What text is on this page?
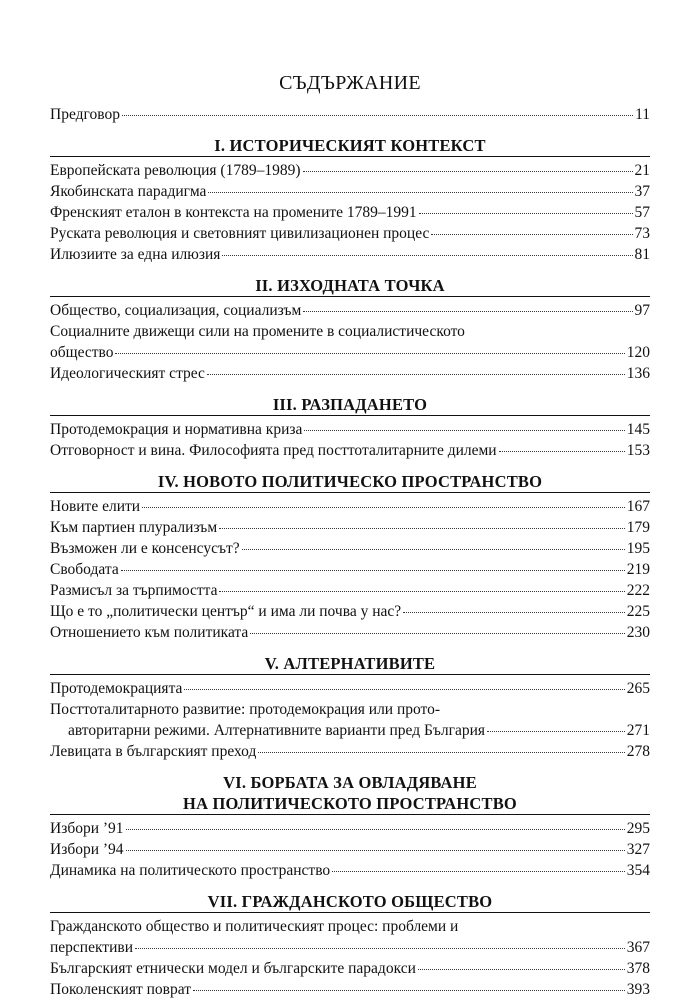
СЪДЪРЖАНИЕ
Предговор	11
I. ИСТОРИЧЕСКИЯТ КОНТЕКСТ
Европейската революция (1789–1989)	21
Якобинската парадигма	37
Френският еталон в контекста на промените 1789–1991	57
Руската революция и световният цивилизационен процес	73
Илюзиите за една илюзия	81
II. ИЗХОДНАТА ТОЧКА
Общество, социализация, социализъм	97
Социалните движещи сили на промените в социалистическото
общество	120
Идеологическият стрес	136
III. РАЗПАДАНЕТО
Протодемокрация и нормативна криза	145
Отговорност и вина. Философията пред посттоталитарните дилеми	153
IV. НОВОТО ПОЛИТИЧЕСКО ПРОСТРАНСТВО
Новите елити	167
Към партиен плурализъм	179
Възможен ли е консенсусът?	195
Свободата	219
Размисъл за търпимостта	222
Що е то „политически център“ и има ли почва у нас?	225
Отношението към политиката	230
V. АЛТЕРНАТИВИТЕ
Протодемокрацията	265
Посттоталитарното развитие: протодемокрация или прото-
авторитарни режими. Алтернативните варианти пред България	271
Левицата в българският преход	278
VI. БОРБАТА ЗА ОВЛАДЯВАНЕ
НА ПОЛИТИЧЕСКОТО ПРОСТРАНСТВО
Избори ’91	295
Избори ’94	327
Динамика на политическото пространство	354
VII. ГРАЖДАНСКОТО ОБЩЕСТВО
Гражданското общество и политическият процес: проблеми и
перспективи	367
Българският етнически модел и българските парадокси	378
Поколенският поврат	393
